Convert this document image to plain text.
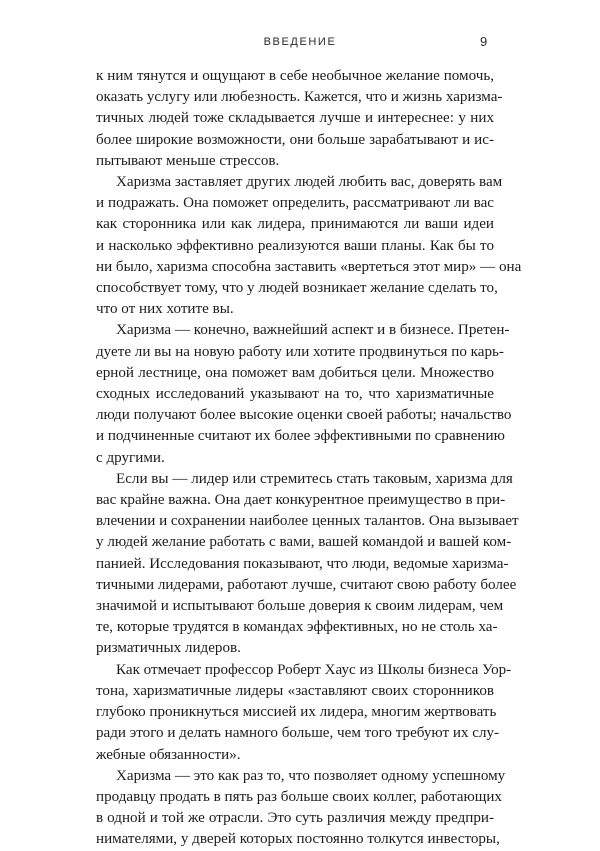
ВВЕДЕНИЕ	9

к ним тянутся и ощущают в себе необычное желание помочь,
оказать услугу или любезность. Кажется, что и жизнь харизма-
тичных людей тоже складывается лучше и интереснее: у них
более широкие возможности, они больше зарабатывают и ис-
пытывают меньше стрессов.

Харизма заставляет других людей любить вас, доверять вам
и подражать. Она поможет определить, рассматривают ли вас
как сторонника или как лидера, принимаются ли ваши идеи
и насколько эффективно реализуются ваши планы. Как бы то
ни было, харизма способна заставить «вертеться этот мир» — она
способствует тому, что у людей возникает желание сделать то,
что от них хотите вы.

Харизма — конечно, важнейший аспект и в бизнесе. Претен-
дуете ли вы на новую работу или хотите продвинуться по карь-
ерной лестнице, она поможет вам добиться цели. Множество
сходных исследований указывают на то, что харизматичные
люди получают более высокие оценки своей работы; начальство
и подчиненные считают их более эффективными по сравнению
с другими.

Если вы — лидер или стремитесь стать таковым, харизма для
вас крайне важна. Она дает конкурентное преимущество в при-
влечении и сохранении наиболее ценных талантов. Она вызывает
у людей желание работать с вами, вашей командой и вашей ком-
панией. Исследования показывают, что люди, ведомые харизма-
тичными лидерами, работают лучше, считают свою работу более
значимой и испытывают больше доверия к своим лидерам, чем
те, которые трудятся в командах эффективных, но не столь ха-
ризматичных лидеров.

Как отмечает профессор Роберт Хаус из Школы бизнеса Уор-
тона, харизматичные лидеры «заставляют своих сторонников
глубоко проникнуться миссией их лидера, многим жертвовать
ради этого и делать намного больше, чем того требуют их слу-
жебные обязанности».

Харизма — это как раз то, что позволяет одному успешному
продавцу продать в пять раз больше своих коллег, работающих
в одной и той же отрасли. Это суть различия между предпри-
нимателями, у дверей которых постоянно толкутся инвесторы,
